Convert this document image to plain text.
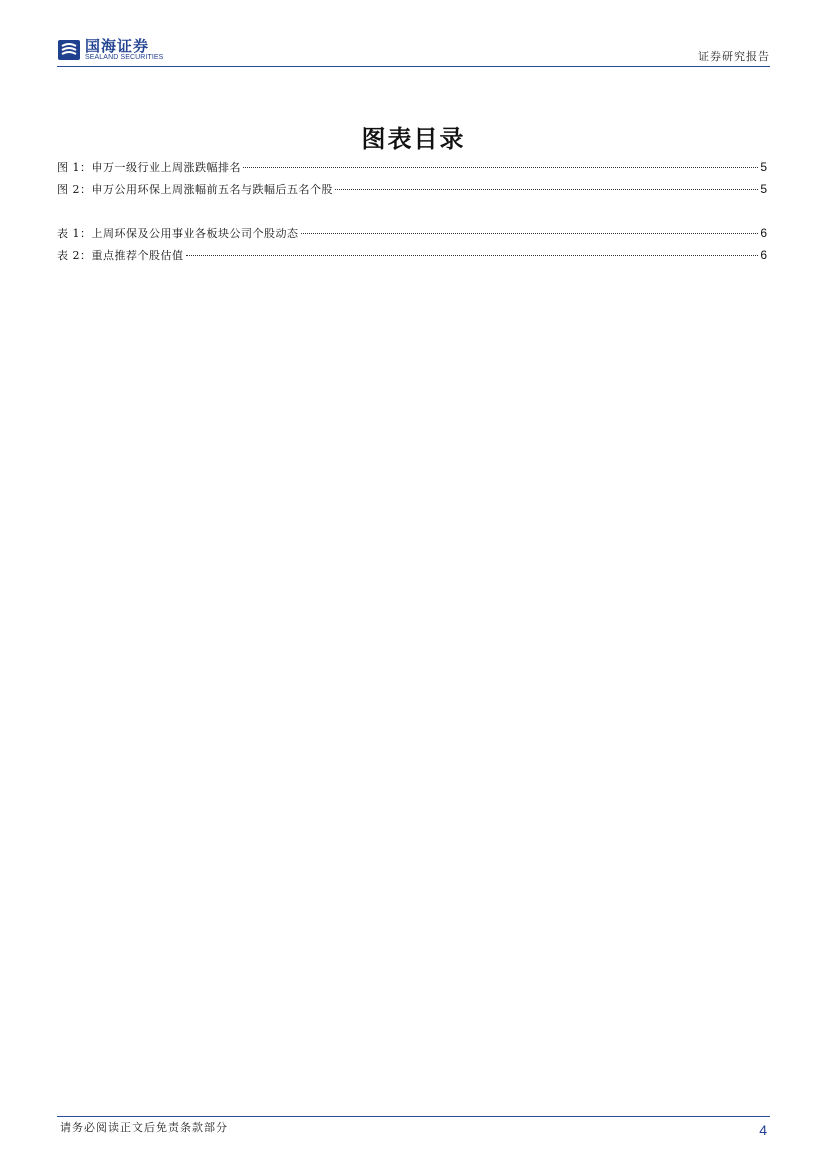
国海证券
SEALAND SECURITIES	证券研究报告
图表目录
图 1：申万一级行业上周涨跌幅排名	5
图 2：申万公用环保上周涨幅前五名与跌幅后五名个股	5
表 1：上周环保及公用事业各板块公司个股动态	6
表 2：重点推荐个股估值	6
请务必阅读正文后免责条款部分	4
